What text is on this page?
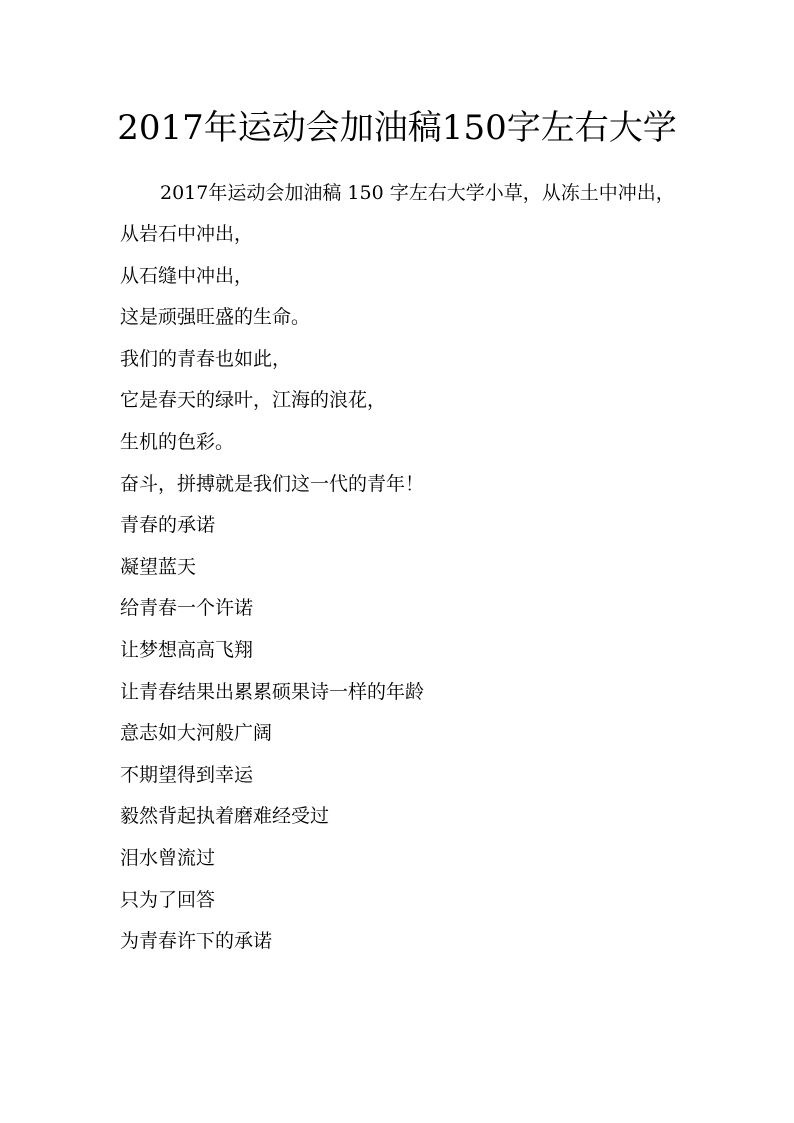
2017年运动会加油稿150字左右大学

2017年运动会加油稿 150 字左右大学小草，从冻土中冲出，

从岩石中冲出，

从石缝中冲出，

这是顽强旺盛的生命。

我们的青春也如此，

它是春天的绿叶，江海的浪花，

生机的色彩。

奋斗，拼搏就是我们这一代的青年！

青春的承诺

凝望蓝天

给青春一个许诺

让梦想高高飞翔

让青春结果出累累硕果诗一样的年龄

意志如大河般广阔

不期望得到幸运

毅然背起执着磨难经受过

泪水曾流过

只为了回答

为青春许下的承诺
